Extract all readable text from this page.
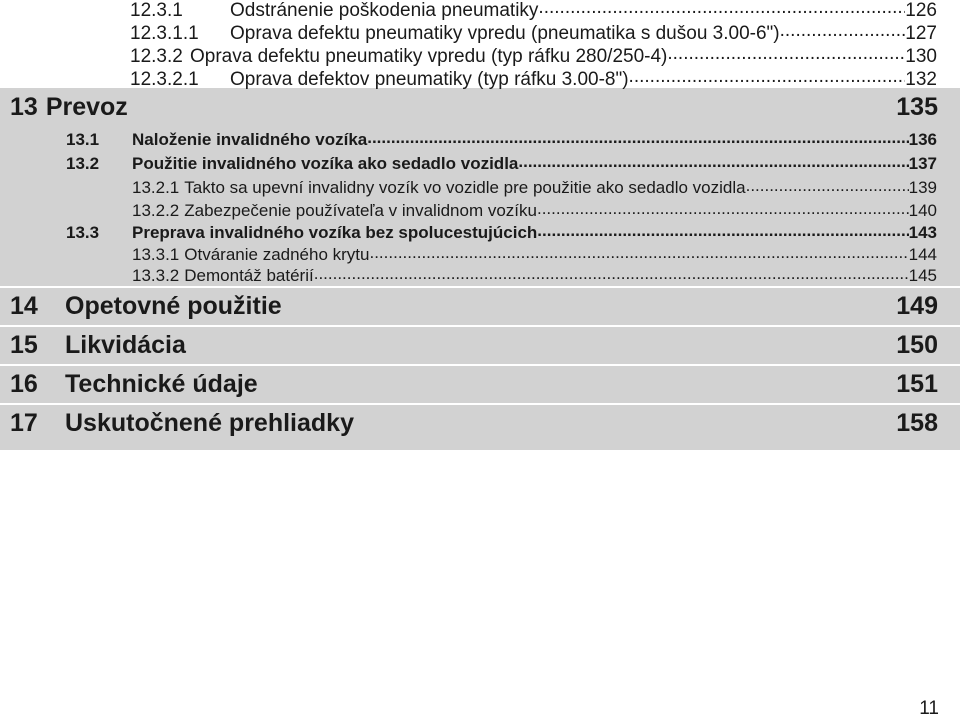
12.3.1	Odstránenie poškodenia pneumatiky .....	126
12.3.1.1	Oprava defektu pneumatiky vpredu (pneumatika s dušou 3.00-6") .....	127
12.3.2 Oprava defektu pneumatiky vpredu (typ ráfku 280/250-4) .....	130
12.3.2.1	Oprava defektov pneumatiky (typ ráfku 3.00-8") .....	132
13 Prevoz	135
13.1	Naloženie invalidného vozíka .....	136
13.2	Použitie invalidného vozíka ako sedadlo vozidla .....	137
13.2.1 Takto sa upevní invalidny vozík vo vozidle pre použitie ako sedadlo vozidla .....	139
13.2.2 Zabezpečenie používateľa v invalidnom vozíku .....	140
13.3	Preprava invalidného vozíka bez spolucestujúcich .....	143
13.3.1 Otváranie zadného krytu .....	144
13.3.2 Demontáž batérií .....	145
14	Opetovné použitie	149
15	Likvidácia	150
16	Technické údaje	151
17	Uskutočnené prehliadky	158
11
